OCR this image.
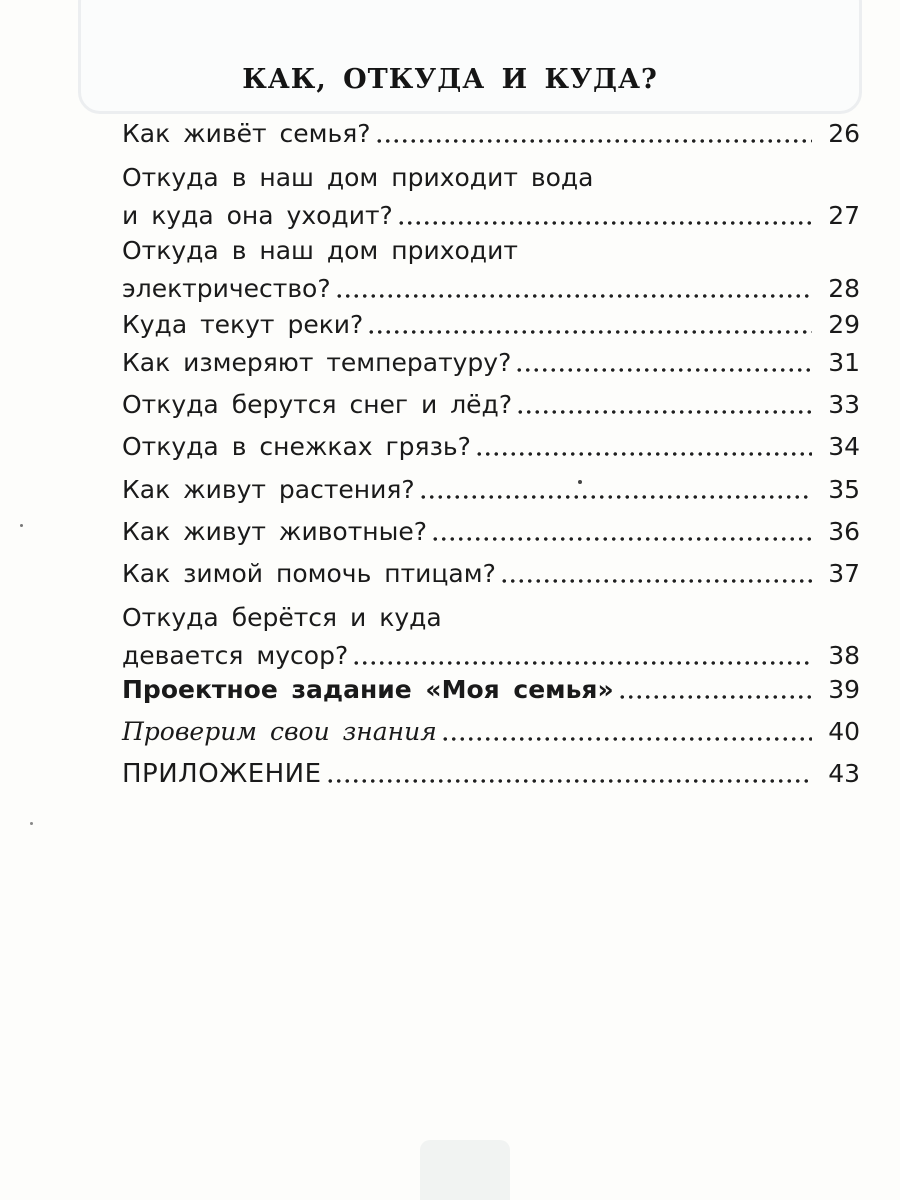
КАК, ОТКУДА И КУДА?
Как живёт семья?	26
Откуда в наш дом приходит вода
и куда она уходит?	27
Откуда в наш дом приходит
электричество?	28
Куда текут реки?	29
Как измеряют температуру?	31
Откуда берутся снег и лёд?	33
Откуда в снежках грязь?	34
Как живут растения?	35
Как живут животные?	36
Как зимой помочь птицам?	37
Откуда берётся и куда
девается мусор?	38
Проектное задание «Моя семья»	39
Проверим свои знания	40
ПРИЛОЖЕНИЕ	43
